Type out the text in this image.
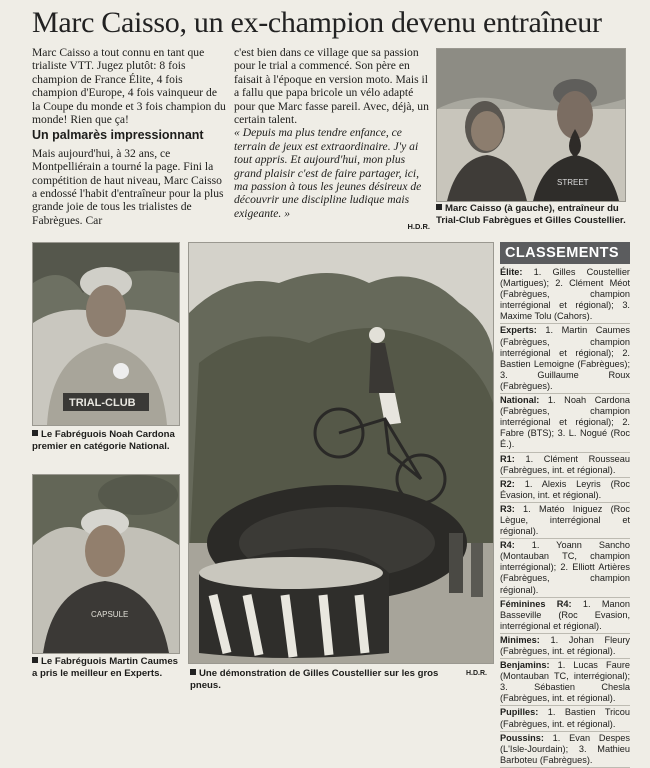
Marc Caisso, un ex-champion devenu entraîneur

Marc Caisso a tout connu en tant que trialiste VTT. Jugez plutôt: 8 fois champion de France Élite, 4 fois champion d'Europe, 4 fois vainqueur de la Coupe du monde et 3 fois champion du monde! Rien que ça!

Un palmarès impressionnant

Mais aujourd'hui, à 32 ans, ce Montpelliérain a tourné la page. Fini la compétition de haut niveau, Marc Caisso a endossé l'habit d'entraîneur pour la plus grande joie de tous les trialistes de Fabrègues. Car

c'est bien dans ce village que sa passion pour le trial a commencé. Son père en faisait à l'époque en version moto. Mais il a fallu que papa bricole un vélo adapté pour que Marc fasse pareil. Avec, déjà, un certain talent.

« Depuis ma plus tendre enfance, ce terrain de jeux est extraordinaire. J'y ai tout appris. Et aujourd'hui, mon plus grand plaisir c'est de faire partager, ici, ma passion à tous les jeunes désireux de découvrir une discipline ludique mais exigeante. »

H.D.R.
STREET
Marc Caisso (à gauche), entraîneur du Trial-Club Fabrègues et Gilles Coustellier.
TRIAL-CLUB
Le Fabréguois Noah Cardona premier en catégorie National.
CAPSULE
Le Fabréguois Martin Caumes a pris le meilleur en Experts.	Une démonstration de Gilles Coustellier sur les gros pneus.
H.D.R.
CLASSEMENTS
Élite: 1. Gilles Coustellier (Martigues); 2. Clément Méot (Fabrègues, champion interrégional et régional); 3. Maxime Tolu (Cahors).
Experts: 1. Martin Caumes (Fabrègues, champion interrégional et régional); 2. Bastien Lemoigne (Fabrègues); 3. Guillaume Roux (Fabrègues).
National: 1. Noah Cardona (Fabrègues, champion interrégional et régional); 2. Fabre (BTS); 3. L. Nogué (Roc É.).
R1: 1. Clément Rousseau (Fabrègues, int. et régional).
R2: 1. Alexis Leyris (Roc Évasion, int. et régional).
R3: 1. Matéo Iniguez (Roc Lègue, interrégional et régional).
R4: 1. Yoann Sancho (Montauban TC, champion interrégional); 2. Elliott Artières (Fabrègues, champion régional).
Féminines R4: 1. Manon Basseville (Roc Evasion, interrégional et régional).
Minimes: 1. Johan Fleury (Fabrègues, int. et régional).
Benjamins: 1. Lucas Faure (Montauban TC, interrégional); 3. Sébastien Chesla (Fabrègues, int. et régional).
Pupilles: 1. Bastien Tricou (Fabrègues, int. et régional).
Poussins: 1. Evan Despes (L'Isle-Jourdain); 3. Mathieu Barboteu (Fabrègues).
